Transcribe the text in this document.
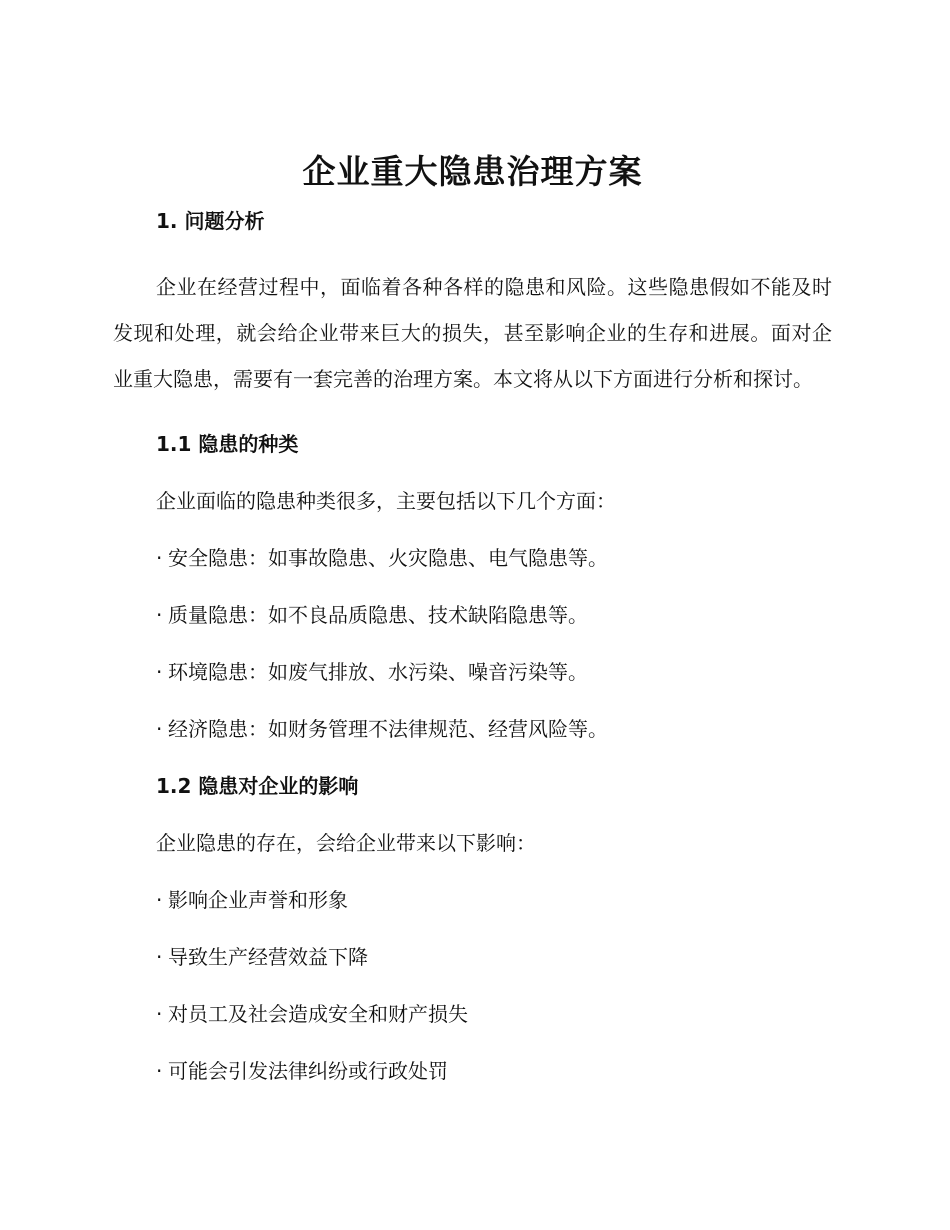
企业重大隐患治理方案
1. 问题分析

企业在经营过程中，面临着各种各样的隐患和风险。这些隐患假如不能及时发现和处理，就会给企业带来巨大的损失，甚至影响企业的生存和进展。面对企业重大隐患，需要有一套完善的治理方案。本文将从以下方面进行分析和探讨。

1.1 隐患的种类

企业面临的隐患种类很多，主要包括以下几个方面：

· 安全隐患：如事故隐患、火灾隐患、电气隐患等。

· 质量隐患：如不良品质隐患、技术缺陷隐患等。

· 环境隐患：如废气排放、水污染、噪音污染等。

· 经济隐患：如财务管理不法律规范、经营风险等。

1.2 隐患对企业的影响

企业隐患的存在，会给企业带来以下影响：

· 影响企业声誉和形象

· 导致生产经营效益下降

· 对员工及社会造成安全和财产损失

· 可能会引发法律纠纷或行政处罚
